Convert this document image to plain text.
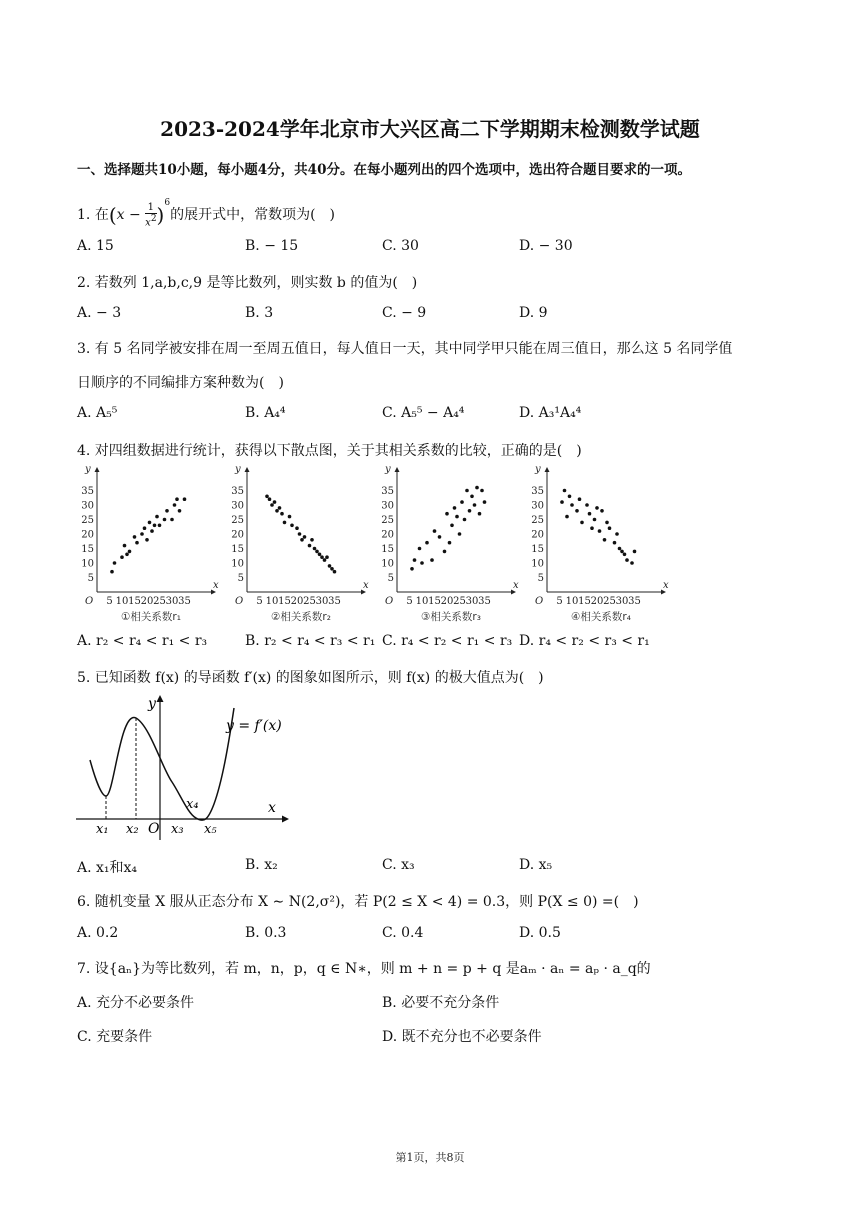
2023-2024学年北京市大兴区高二下学期期末检测数学试题
一、选择题共10小题，每小题4分，共40分。在每小题列出的四个选项中，选出符合题目要求的一项。
1. 在$(x - \frac{1}{x^2} )^6$的展开式中，常数项为(　)
A. 15	B. − 15	C. 30	D. − 30
2. 若数列 1,a,b,c,9 是等比数列，则实数 b 的值为(　)
A. − 3	B. 3	C. − 9	D. 9
3. 有 5 名同学被安排在周一至周五值日，每人值日一天，其中同学甲只能在周三值日，那么这 5 名同学值
日顺序的不同编排方案种数为(　)
A. A₅⁵	B. A₄⁴	C. A₅⁵ − A₄⁴	D. A₃¹A₄⁴
4. 对四组数据进行统计，获得以下散点图，关于其相关系数的比较，正确的是(　)
x
y
O 5 10 15 20 25 30 35
5
10
15
20
25
30
35
①相关系数r₁
x
y
O 5 10 15 20 25 30 35
5
10
15
20
25
30
35
②相关系数r₂
x
y
O 5 10 15 20 25 30 35
5
10
15
20
25
30
35
③相关系数r₃
x
y
O 5 10 15 20 25 30 35
5
10
15
20
25
30
35
④相关系数r₄
A. r₂ < r₄ < r₁ < r₃	B. r₂ < r₄ < r₃ < r₁ C. r₄ < r₂ < r₁ < r₃ D. r₄ < r₂ < r₃ < r₁
5. 已知函数 f(x) 的导函数 f′(x) 的图象如图所示，则 f(x) 的极大值点为(　)
y = f′(x)
y
x
O
x₁ x₂ x₃
x₄
x₅
A. x₁和x₄	B. x₂	C. x₃	D. x₅
6. 随机变量 X 服从正态分布 X ∼ N(2,σ²)，若 P(2 ≤ X < 4) = 0.3，则 P(X ≤ 0) =(　)
A. 0.2	B. 0.3	C. 0.4	D. 0.5
7. 设{aₙ}为等比数列，若 m，n，p，q ∈ N∗，则 m + n = p + q 是aₘ · aₙ = aₚ · a_q的
A. 充分不必要条件	B. 必要不充分条件
C. 充要条件	D. 既不充分也不必要条件
第1页，共8页
